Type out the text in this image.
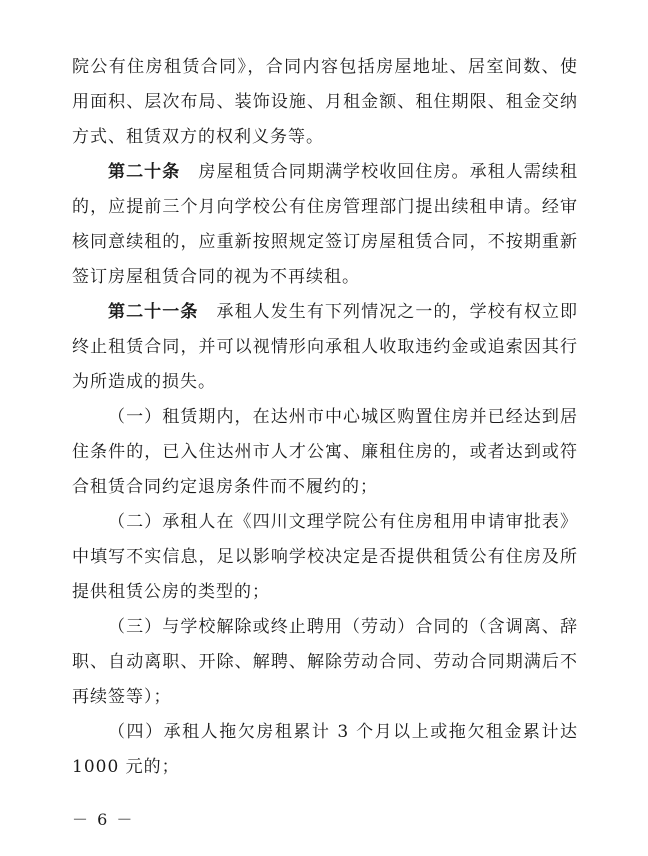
院公有住房租赁合同》，合同内容包括房屋地址、居室间数、使用面积、层次布局、装饰设施、月租金额、租住期限、租金交纳方式、租赁双方的权利义务等。

第二十条　房屋租赁合同期满学校收回住房。承租人需续租的，应提前三个月向学校公有住房管理部门提出续租申请。经审核同意续租的，应重新按照规定签订房屋租赁合同，不按期重新签订房屋租赁合同的视为不再续租。

第二十一条　承租人发生有下列情况之一的，学校有权立即终止租赁合同，并可以视情形向承租人收取违约金或追索因其行为所造成的损失。

（一）租赁期内，在达州市中心城区购置住房并已经达到居住条件的，已入住达州市人才公寓、廉租住房的，或者达到或符合租赁合同约定退房条件而不履约的；

（二）承租人在《四川文理学院公有住房租用申请审批表》中填写不实信息，足以影响学校决定是否提供租赁公有住房及所提供租赁公房的类型的；

（三）与学校解除或终止聘用（劳动）合同的（含调离、辞职、自动离职、开除、解聘、解除劳动合同、劳动合同期满后不再续签等）；

（四）承租人拖欠房租累计 3 个月以上或拖欠租金累计达 1000 元的；

－ 6 －
